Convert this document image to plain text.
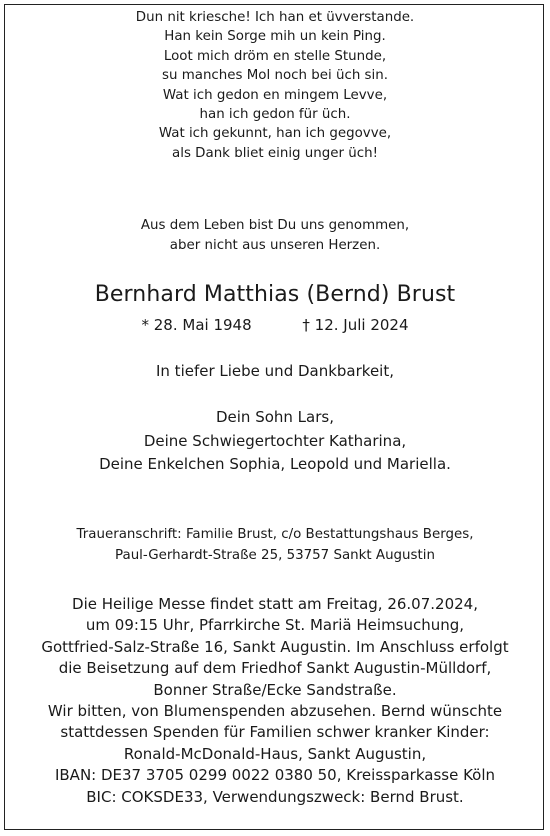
Dun nit kriesche! Ich han et üvverstande.
Han kein Sorge mih un kein Ping.
Loot mich dröm en stelle Stunde,
su manches Mol noch bei üch sin.
Wat ich gedon en mingem Levve,
han ich gedon für üch.
Wat ich gekunnt, han ich gegovve,
als Dank bliet einig unger üch!
Aus dem Leben bist Du uns genommen,
aber nicht aus unseren Herzen.
Bernhard Matthias (Bernd) Brust
* 28. Mai 1948	† 12. Juli 2024
In tiefer Liebe und Dankbarkeit,
Dein Sohn Lars,
Deine Schwiegertochter Katharina,
Deine Enkelchen Sophia, Leopold und Mariella.
Traueranschrift: Familie Brust, c/o Bestattungshaus Berges,
Paul-Gerhardt-Straße 25, 53757 Sankt Augustin
Die Heilige Messe findet statt am Freitag, 26.07.2024,
um 09:15 Uhr, Pfarrkirche St. Mariä Heimsuchung,
Gottfried-Salz-Straße 16, Sankt Augustin. Im Anschluss erfolgt
die Beisetzung auf dem Friedhof Sankt Augustin-Mülldorf,
Bonner Straße/Ecke Sandstraße.
Wir bitten, von Blumenspenden abzusehen. Bernd wünschte
stattdessen Spenden für Familien schwer kranker Kinder:
Ronald-McDonald-Haus, Sankt Augustin,
IBAN: DE37 3705 0299 0022 0380 50, Kreissparkasse Köln
BIC: COKSDE33, Verwendungszweck: Bernd Brust.
